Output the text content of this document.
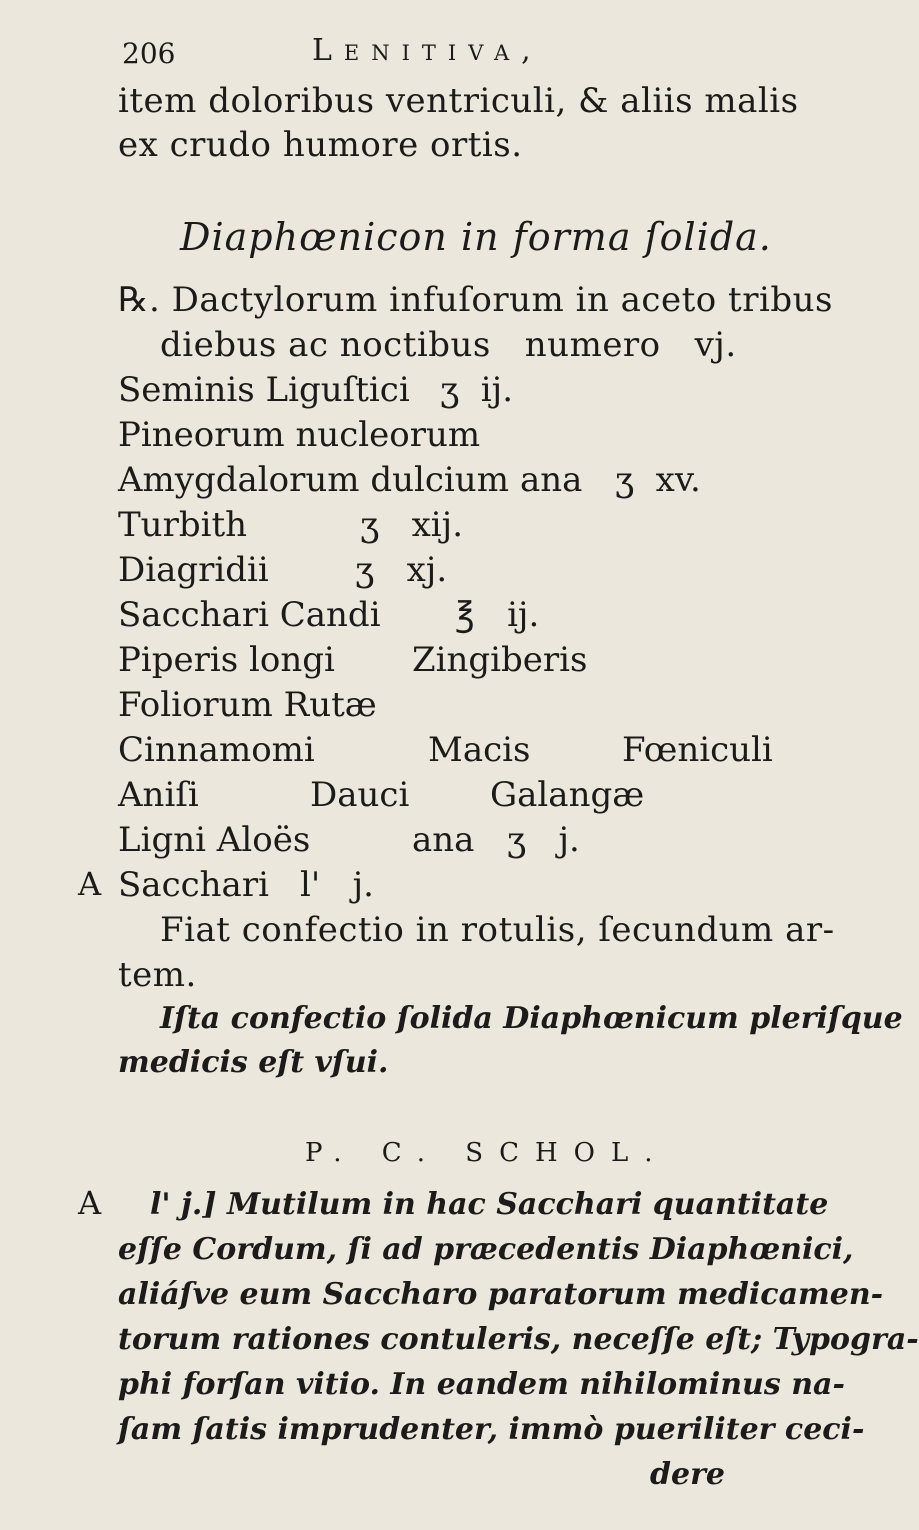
206	Lenitiva,
item doloribus ventriculi, & aliis malis
ex crudo humore ortis.
Diaphœnicon in forma ſolida.
℞. Dactylorum infuſorum in aceto tribus
diebus ac noctibus   numero   vj.
Seminis Liguſtici ʒ  ij.
Pineorum nucleorum
Amygdalorum dulcium ana   ʒ  xv.
Turbith	ʒ   xij.
Diagridii	ʒ   xj.
Sacchari Candi ℥   ij.
Piperis longi Zingiberis
Foliorum Rutæ
Cinnamomi	Macis	Fœniculi
Aniſi	Dauci Galangæ
Ligni Aloës	ana   ʒ   j.
A Sacchari l'   j.
Fiat confectio in rotulis, ſecundum ar-
tem.
Iſta confectio ſolida Diaphœnicum pleriſque
medicis eſt vſui.
P. C. SCHOL.
A l' j.] Mutilum in hac Sacchari quantitate
eſſe Cordum, ſi ad præcedentis Diaphœnici,
aliáſve eum Saccharo paratorum medicamen-
torum rationes contuleris, neceſſe eſt; Typogra-
phi forſan vitio. In eandem nihilominus na-
ſam ſatis imprudenter, immò pueriliter ceci-
dere
